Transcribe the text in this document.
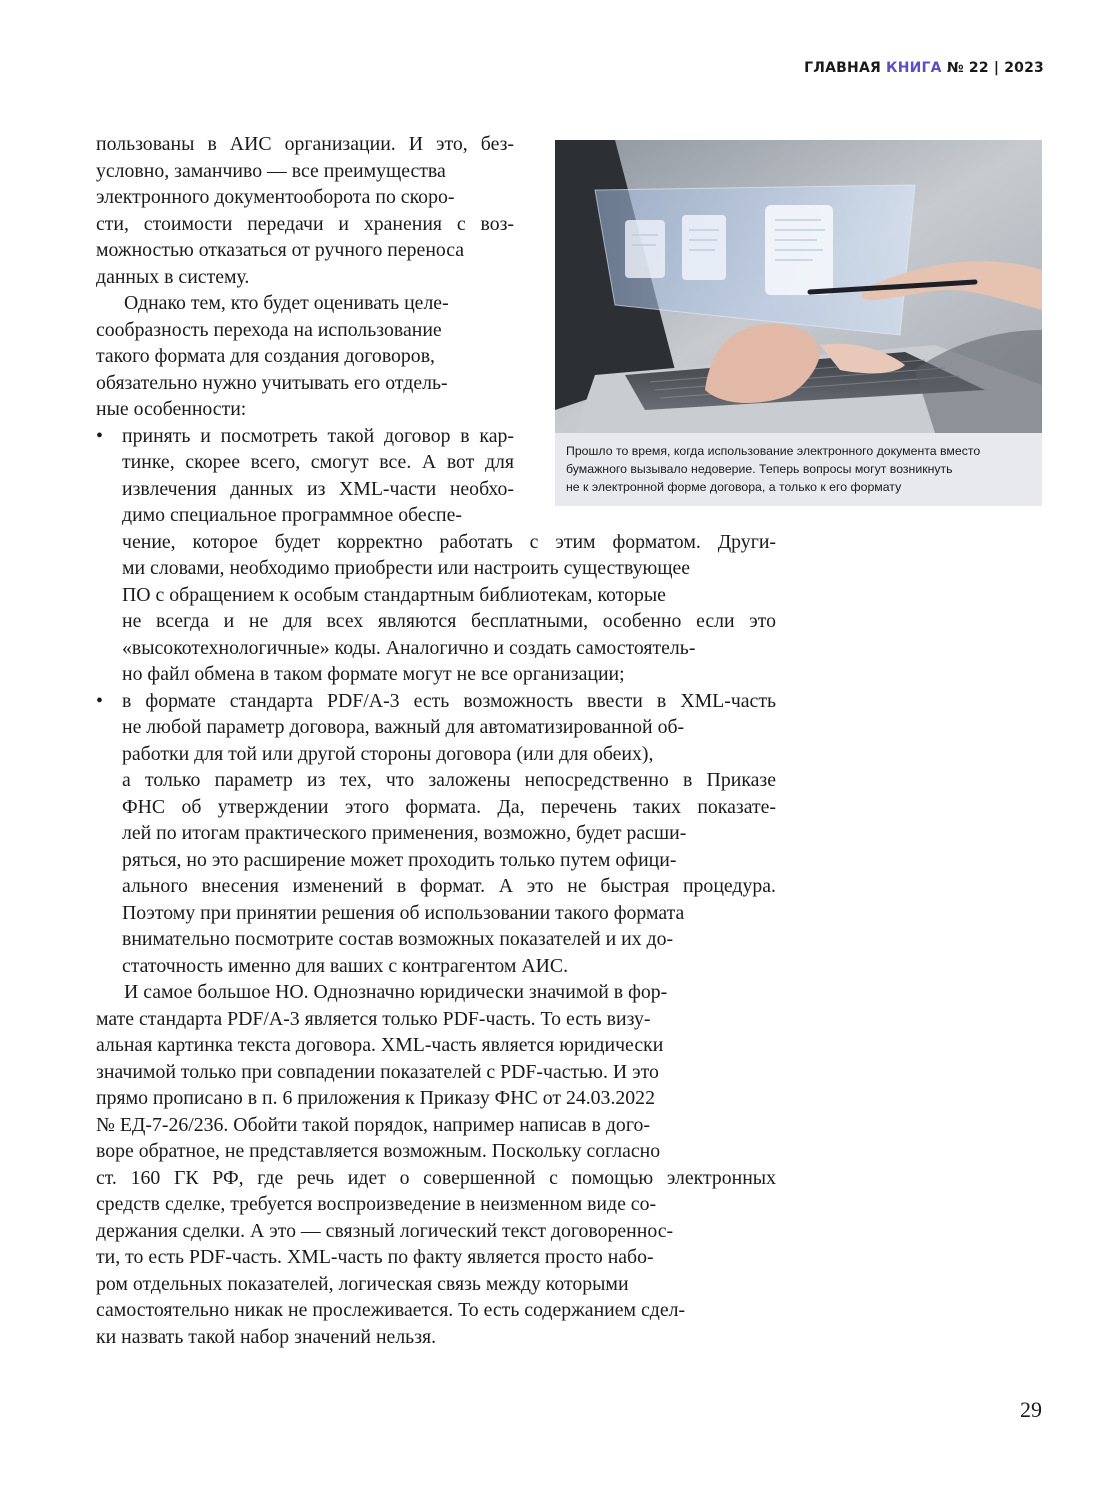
ГЛАВНАЯ КНИГА № 22 | 2023
Прошло то время, когда использование электронного документа вместо
бумажного вызывало недоверие. Теперь вопросы могут возникнуть
не к электронной форме договора, а только к его формату

пользованы в АИС организации. И это, без-
условно, заманчиво — все преимущества
электронного документооборота по скоро-
сти, стоимости передачи и хранения с воз-
можностью отказаться от ручного переноса
данных в систему.

Однако тем, кто будет оценивать целе-
сообразность перехода на использование
такого формата для создания договоров,
обязательно нужно учитывать его отдель-
ные особенности:

• принять и посмотреть такой договор в кар-
тинке, скорее всего, смогут все. А вот для
извлечения данных из XML-части необхо-
димо специальное программное обеспе-
чение, которое будет корректно работать с этим форматом. Други-
ми словами, необходимо приобрести или настроить существующее
ПО с обращением к особым стандартным библиотекам, которые
не всегда и не для всех являются бесплатными, особенно если это
«высокотехнологичные» коды. Аналогично и создать самостоятель-
но файл обмена в таком формате могут не все организации;

• в формате стандарта PDF/A-3 есть возможность ввести в XML-часть
не любой параметр договора, важный для автоматизированной об-
работки для той или другой стороны договора (или для обеих),
а только параметр из тех, что заложены непосредственно в Приказе
ФНС об утверждении этого формата. Да, перечень таких показате-
лей по итогам практического применения, возможно, будет расши-
ряться, но это расширение может проходить только путем офици-
ального внесения изменений в формат. А это не быстрая процедура.
Поэтому при принятии решения об использовании такого формата
внимательно посмотрите состав возможных показателей и их до-
статочность именно для ваших с контрагентом АИС.

И самое большое НО. Однозначно юридически значимой в фор-
мате стандарта PDF/A-3 является только PDF-часть. То есть визу-
альная картинка текста договора. XML-часть является юридически
значимой только при совпадении показателей с PDF-частью. И это
прямо прописано в п. 6 приложения к Приказу ФНС от 24.03.2022
№ ЕД-7-26/236. Обойти такой порядок, например написав в дого-
воре обратное, не представляется возможным. Поскольку согласно
ст. 160 ГК РФ, где речь идет о совершенной с помощью электронных
средств сделке, требуется воспроизведение в неизменном виде со-
держания сделки. А это — связный логический текст договореннос-
ти, то есть PDF-часть. XML-часть по факту является просто набо-
ром отдельных показателей, логическая связь между которыми
самостоятельно никак не прослеживается. То есть содержанием сдел-
ки назвать такой набор значений нельзя.

29
